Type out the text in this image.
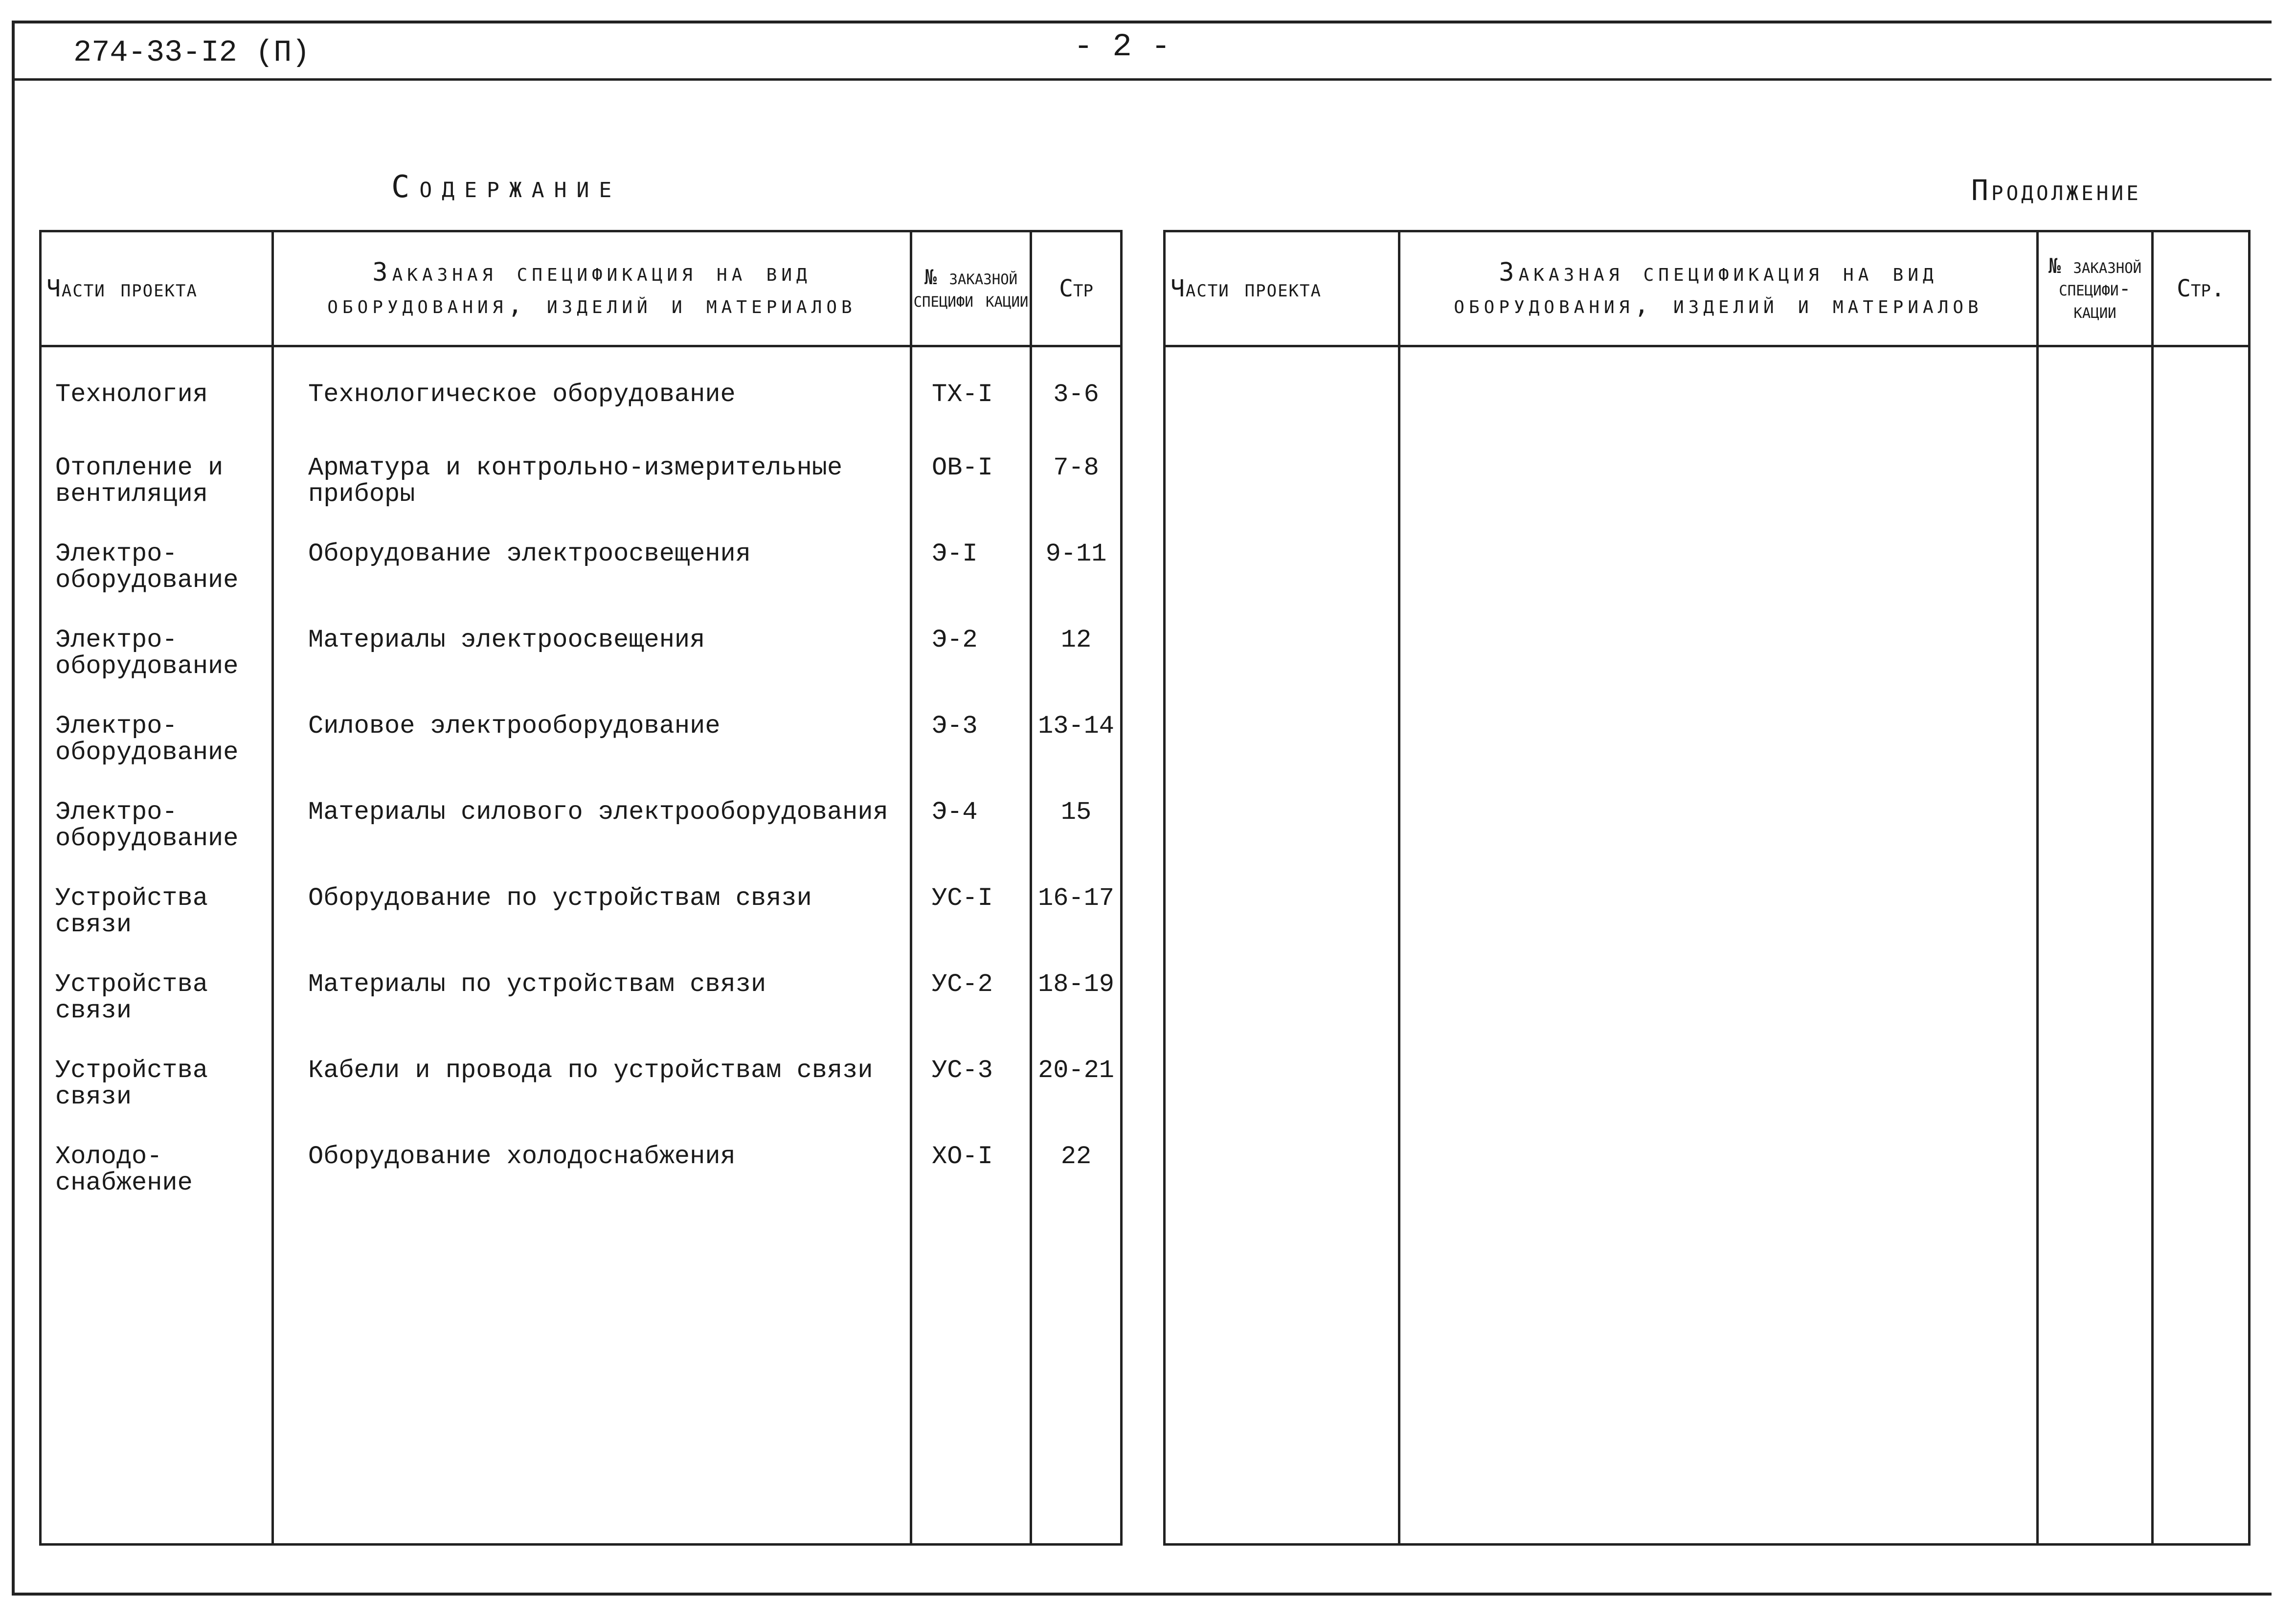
274-33-I2 (П)	- 2 -
Содержание	Продолжение
Части проекта	Заказная спецификация на вид оборудования, изделий и материалов	№ заказной специфи кации	Стр
Технология	Технологическое оборудование	ТХ-I	3-6
Отопление и вентиляция	Арматура и контрольно-измерительные приборы	ОВ-I	7-8
Электро-оборудование	Оборудование электроосвещения	Э-I	9-11
Электро-оборудование	Материалы электроосвещения	Э-2	12
Электро-оборудование	Силовое электрооборудование	Э-3	13-14
Электро-оборудование	Материалы силового электрооборудования	Э-4	15
Устройства связи	Оборудование по устройствам связи	УС-I	16-17
Устройства связи	Материалы по устройствам связи	УС-2	18-19
Устройства связи	Кабели и провода по устройствам связи	УС-3	20-21
Холодо-снабжение	Оборудование холодоснабжения	ХО-I	22

Части проекта	Заказная спецификация на вид оборудования, изделий и материалов	№ заказной специфи-кации	Стр.
